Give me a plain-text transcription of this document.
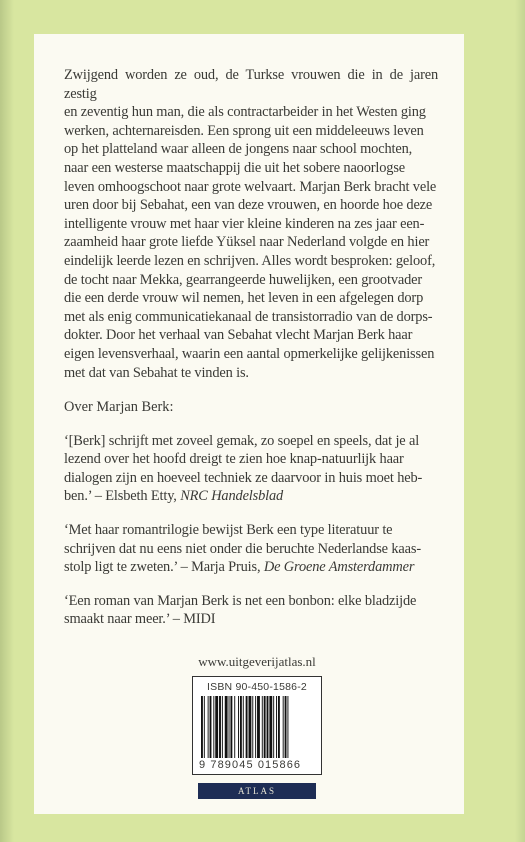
Zwijgend worden ze oud, de Turkse vrouwen die in de jaren zestig
en zeventig hun man, die als contractarbeider in het Westen ging
werken, achternareisden. Een sprong uit een middeleeuws leven
op het platteland waar alleen de jongens naar school mochten,
naar een westerse maatschappij die uit het sobere naoorlogse
leven omhoogschoot naar grote welvaart. Marjan Berk bracht vele
uren door bij Sebahat, een van deze vrouwen, en hoorde hoe deze
intelligente vrouw met haar vier kleine kinderen na zes jaar een-
zaamheid haar grote liefde Yüksel naar Nederland volgde en hier
eindelijk leerde lezen en schrijven. Alles wordt besproken: geloof,
de tocht naar Mekka, gearrangeerde huwelijken, een grootvader
die een derde vrouw wil nemen, het leven in een afgelegen dorp
met als enig communicatiekanaal de transistorradio van de dorps-
dokter. Door het verhaal van Sebahat vlecht Marjan Berk haar
eigen levensverhaal, waarin een aantal opmerkelijke gelijkenissen
met dat van Sebahat te vinden is.

Over Marjan Berk:

‘[Berk] schrijft met zoveel gemak, zo soepel en speels, dat je al
lezend over het hoofd dreigt te zien hoe knap-natuurlijk haar
dialogen zijn en hoeveel techniek ze daarvoor in huis moet heb-
ben.’ – Elsbeth Etty, NRC Handelsblad

‘Met haar romantrilogie bewijst Berk een type literatuur te
schrijven dat nu eens niet onder die beruchte Nederlandse kaas-
stolp ligt te zweten.’ – Marja Pruis, De Groene Amsterdammer

‘Een roman van Marjan Berk is net een bonbon: elke bladzijde
smaakt naar meer.’ – MIDI

www.uitgeverijatlas.nl
ISBN 90-450-1586-2
9 789045 015866
ATLAS
